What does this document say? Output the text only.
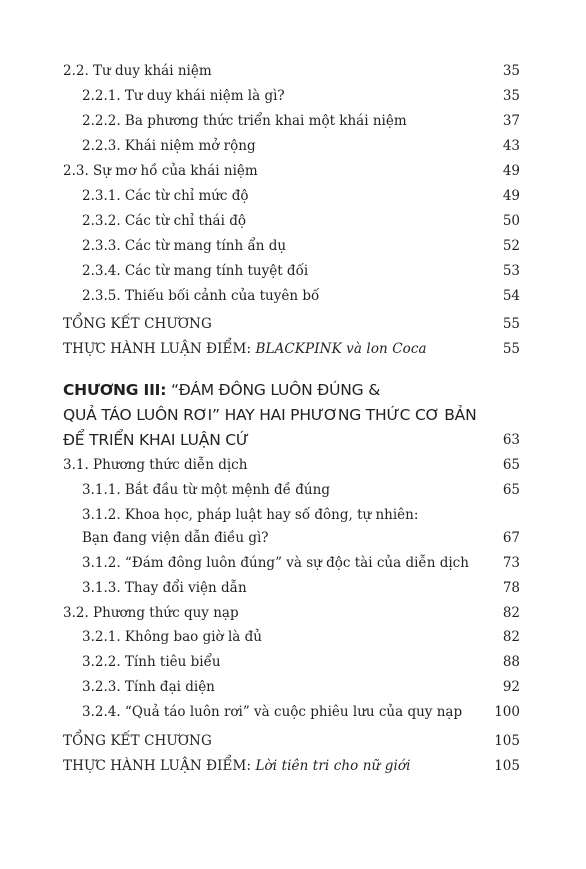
2.2. Tư duy khái niệm	35
2.2.1. Tư duy khái niệm là gì?	35
2.2.2. Ba phương thức triển khai một khái niệm	37
2.2.3. Khái niệm mở rộng	43
2.3. Sự mơ hồ của khái niệm	49
2.3.1. Các từ chỉ mức độ	49
2.3.2. Các từ chỉ thái độ	50
2.3.3. Các từ mang tính ẩn dụ	52
2.3.4. Các từ mang tính tuyệt đối	53
2.3.5. Thiếu bối cảnh của tuyên bố	54
TỔNG KẾT CHƯƠNG	55
THỰC HÀNH LUẬN ĐIỂM: BLACKPINK và lon Coca	55
CHƯƠNG III: “ĐÁM ĐÔNG LUÔN ĐÚNG &
QUẢ TÁO LUÔN RƠI” HAY HAI PHƯƠNG THỨC CƠ BẢN
ĐỂ TRIỂN KHAI LUẬN CỨ	63
3.1. Phương thức diễn dịch	65
3.1.1. Bắt đầu từ một mệnh đề đúng	65
3.1.2. Khoa học, pháp luật hay số đông, tự nhiên:
Bạn đang viện dẫn điều gì?	67
3.1.2. “Đám đông luôn đúng” và sự độc tài của diễn dịch	73
3.1.3. Thay đổi viện dẫn	78
3.2. Phương thức quy nạp	82
3.2.1. Không bao giờ là đủ	82
3.2.2. Tính tiêu biểu	88
3.2.3. Tính đại diện	92
3.2.4. “Quả táo luôn rơi” và cuộc phiêu lưu của quy nạp 100
TỔNG KẾT CHƯƠNG	105
THỰC HÀNH LUẬN ĐIỂM: Lời tiên tri cho nữ giới	105
